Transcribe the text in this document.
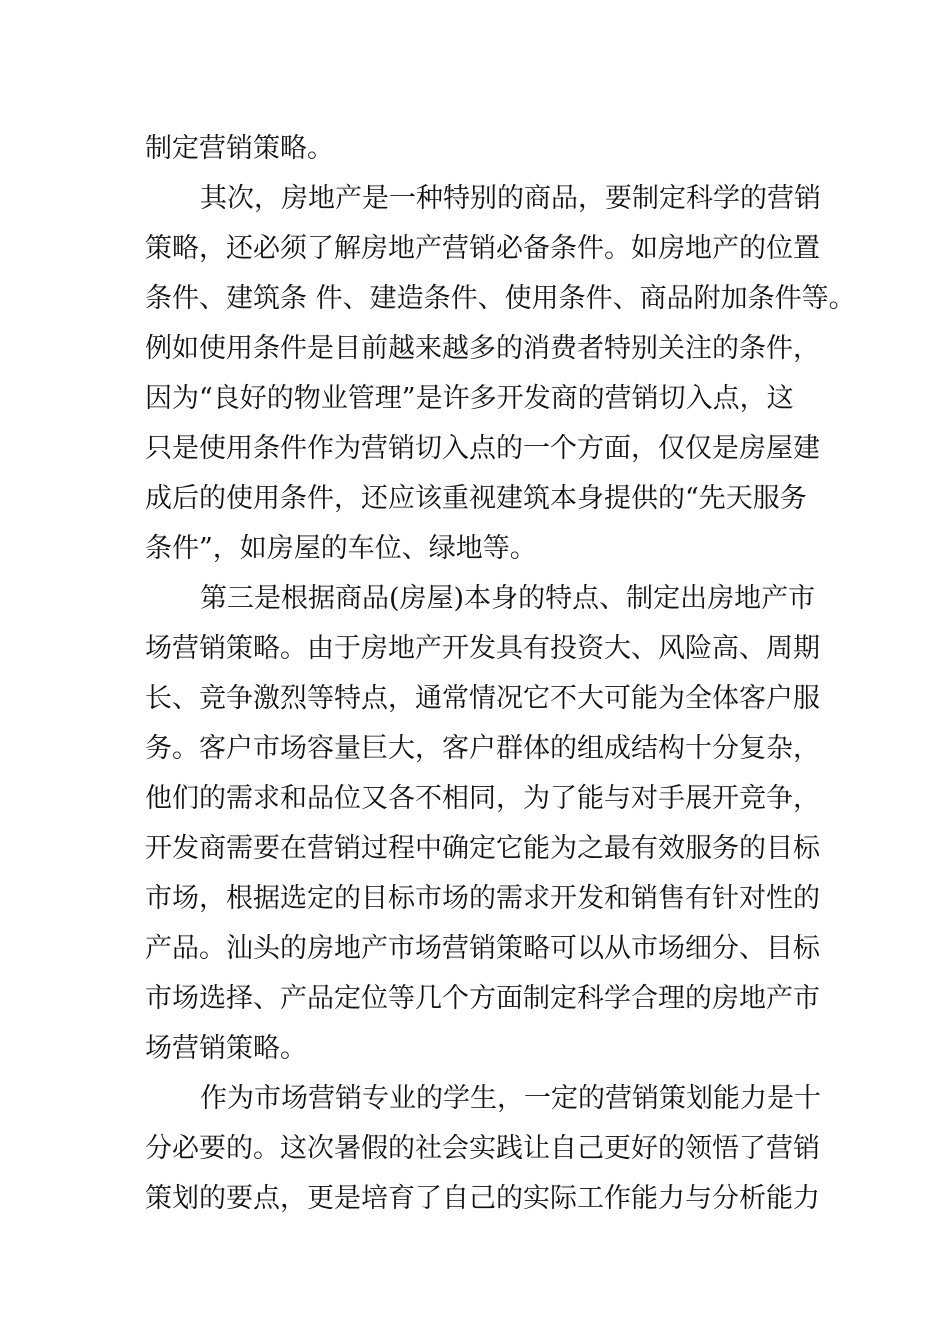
制定营销策略。
其次，房地产是一种特别的商品，要制定科学的营销
策略，还必须了解房地产营销必备条件。如房地产的位置
条件、建筑条 件、建造条件、使用条件、商品附加条件等。
例如使用条件是目前越来越多的消费者特别关注的条件，
因为“良好的物业管理”是许多开发商的营销切入点，这
只是使用条件作为营销切入点的一个方面，仅仅是房屋建
成后的使用条件，还应该重视建筑本身提供的“先天服务
条件”，如房屋的车位、绿地等。
第三是根据商品(房屋)本身的特点、制定出房地产市
场营销策略。由于房地产开发具有投资大、风险高、周期
长、竞争激烈等特点，通常情况它不大可能为全体客户服
务。客户市场容量巨大，客户群体的组成结构十分复杂，
他们的需求和品位又各不相同，为了能与对手展开竞争，
开发商需要在营销过程中确定它能为之最有效服务的目标
市场，根据选定的目标市场的需求开发和销售有针对性的
产品。汕头的房地产市场营销策略可以从市场细分、目标
市场选择、产品定位等几个方面制定科学合理的房地产市
场营销策略。
作为市场营销专业的学生，一定的营销策划能力是十
分必要的。这次暑假的社会实践让自己更好的领悟了营销
策划的要点，更是培育了自己的实际工作能力与分析能力
